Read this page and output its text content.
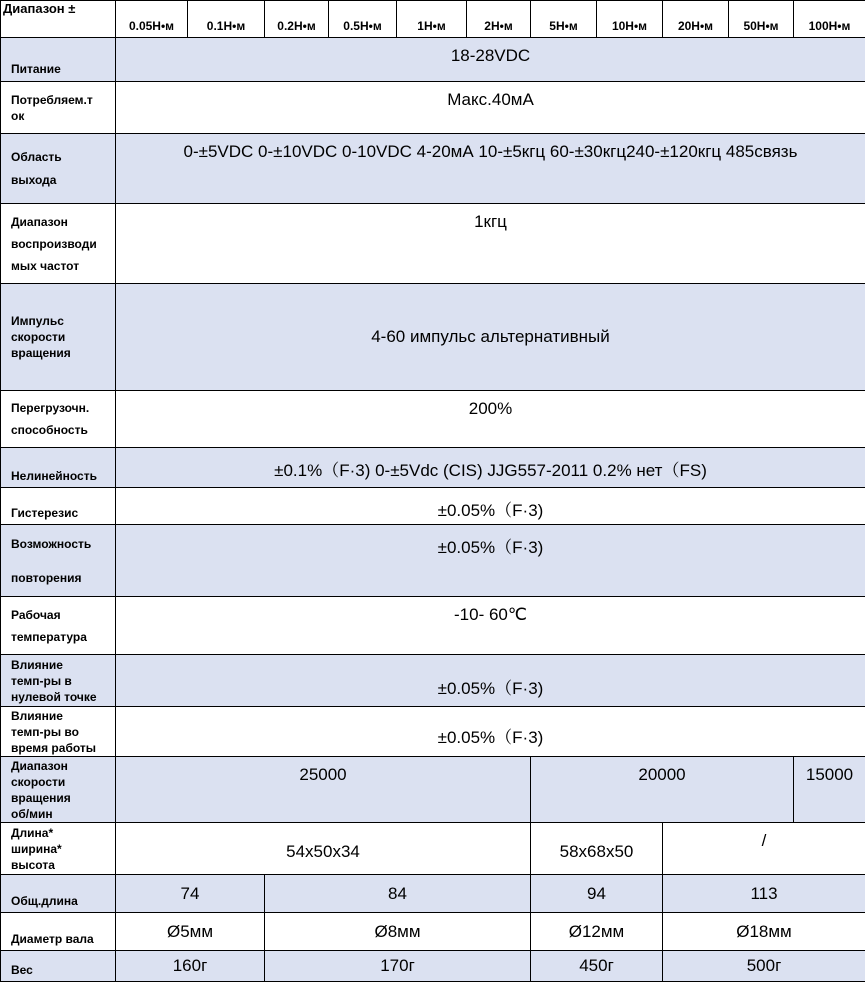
Диапазон ±	0.05Н•м	0.1Н•м	0.2Н•м	0.5Н•м	1Н•м	2Н•м	5Н•м	10Н•м	20Н•м	50Н•м	100Н•м
Питание	18-28VDC										

Потребляем.т
ок	Макс.40мА										

Область
выхода	0-±5VDC 0-±10VDC 0-10VDC 4-20мА 10-±5кгц 60-±30кгц240-±120кгц 485связь										

Диапазон
воспроизводи
мых частот	1кгц										

Импульс
скорости
вращения	4-60 импульс альтернативный										

Перегрузочн.
способность	200%										
Нелинейность	±0.1%（F·3) 0-±5Vdc (CIS) JJG557-2011 0.2% нет（FS)										
Гистерезис	±0.05%（F·3)										

Возможность
повторения	±0.05%（F·3)										

Рабочая
температура	-10- 60℃										

Влияние
темп-ры в
нулевой точке	±0.05%（F·3)										

Влияние
темп-ры во
время работы	±0.05%（F·3)										

Диапазон
скорости
вращения
об/мин	25000						20000				15000

Длина*
ширина*
высота	54x50x34						58x68x50		/		
Общ.длина	74		84				94		113		
Диаметр вала	Ø5мм		Ø8мм				Ø12мм		Ø18мм		
Вес	160г		170г				450г		500г		
